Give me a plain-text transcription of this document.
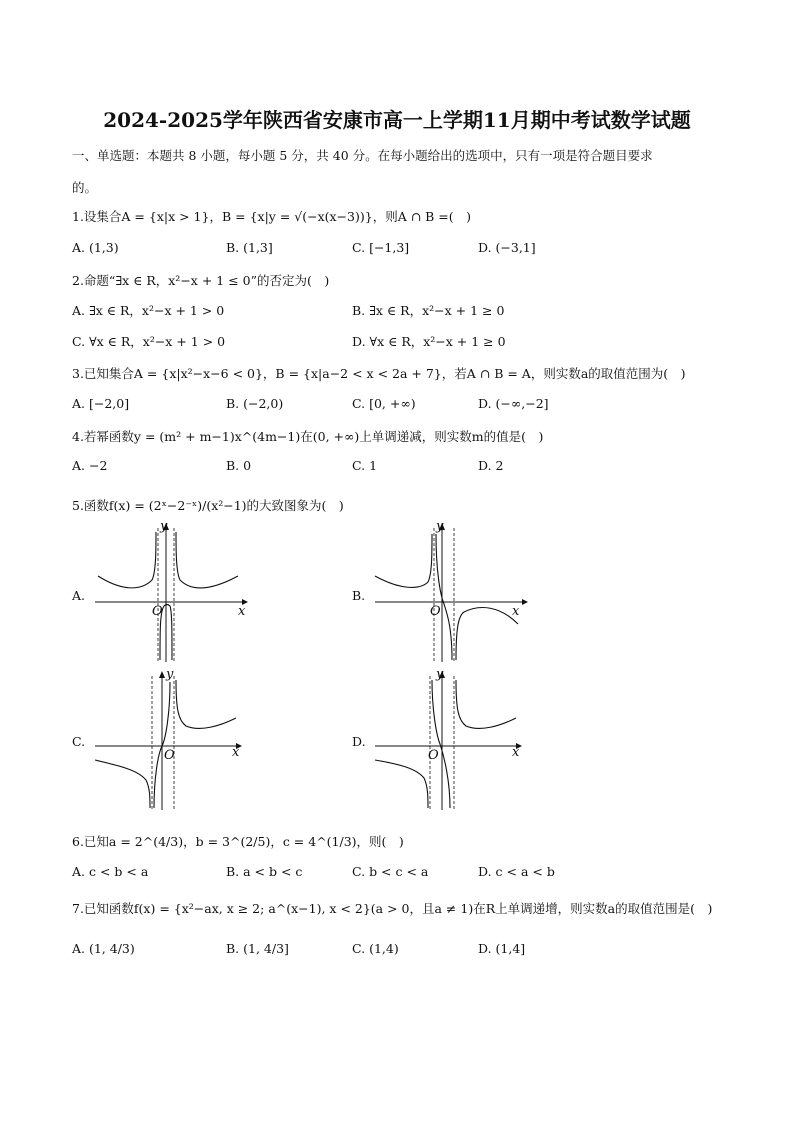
2024-2025学年陕西省安康市高一上学期11月期中考试数学试题
一、单选题：本题共 8 小题，每小题 5 分，共 40 分。在每小题给出的选项中，只有一项是符合题目要求
的。
1.设集合A = {x|x > 1}，B = {x|y = √(−x(x−3))}，则A ∩ B =(　)
A. (1,3)	B. (1,3]	C. [−1,3]	D. (−3,1]
2.命题“∃x ∈ R，x²−x + 1 ≤ 0”的否定为(　)
A. ∃x ∈ R，x²−x + 1 > 0	B. ∃x ∈ R，x²−x + 1 ≥ 0
C. ∀x ∈ R，x²−x + 1 > 0	D. ∀x ∈ R，x²−x + 1 ≥ 0
3.已知集合A = {x|x²−x−6 < 0}，B = {x|a−2 < x < 2a + 7}，若A ∩ B = A，则实数a的取值范围为(　)
A. [−2,0]	B. (−2,0)	C. [0, +∞)	D. (−∞,−2]
4.若幂函数y = (m² + m−1)x^(4m−1)在(0, +∞)上单调递减，则实数m的值是(　)
A. −2	B. 0	C. 1	D. 2
5.函数f(x) = (2ˣ−2⁻ˣ)/(x²−1)的大致图象为(　)
A.	B.
C.	D.
y
x
O
y
x
O
y
x
O
y
x
O
6.已知a = 2^(4/3)，b = 3^(2/5)，c = 4^(1/3)，则(　)
A. c < b < a	B. a < b < c	C. b < c < a	D. c < a < b
7.已知函数f(x) = {x²−ax, x ≥ 2; a^(x−1), x < 2}(a > 0，且a ≠ 1)在R上单调递增，则实数a的取值范围是(　)
A. (1, 4/3)	B. (1, 4/3]	C. (1,4)	D. (1,4]
